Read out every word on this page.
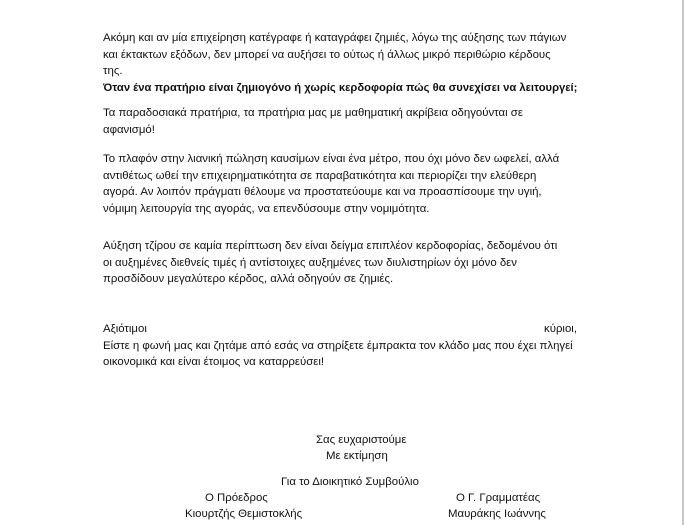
Ακόμη και αν μία επιχείρηση κατέγραφε ή καταγράφει ζημιές, λόγω της αύξησης των πάγιων
και έκτακτων εξόδων, δεν μπορεί να αυξήσει το ούτως ή άλλως μικρό περιθώριο κέρδους
της.
Όταν ένα πρατήριο είναι ζημιογόνο ή χωρίς κερδοφορία πώς θα συνεχίσει να λειτουργεί;
Τα παραδοσιακά πρατήρια, τα πρατήρια μας με μαθηματική ακρίβεια οδηγούνται σε
αφανισμό!
Το πλαφόν στην λιανική πώληση καυσίμων είναι ένα μέτρο, που όχι μόνο δεν ωφελεί, αλλά
αντιθέτως ωθεί την επιχειρηματικότητα σε παραβατικότητα και περιορίζει την ελεύθερη
αγορά. Αν λοιπόν πράγματι θέλουμε να προστατεύουμε και να προασπίσουμε την υγιή,
νόμιμη λειτουργία της αγοράς, να επενδύσουμε στην νομιμότητα.
Αύξηση τζίρου σε καμία περίπτωση δεν είναι δείγμα επιπλέον κερδοφορίας, δεδομένου ότι
οι αυξημένες διεθνείς τιμές ή αντίστοιχες αυξημένες των διυλιστηρίων όχι μόνο δεν
προσδίδουν μεγαλύτερο κέρδος, αλλά οδηγούν σε ζημιές.
Αξιότιμοι	κύριοι,
Είστε η φωνή μας και ζητάμε από εσάς να στηρίξετε έμπρακτα τον κλάδο μας που έχει πληγεί
οικονομικά και είναι έτοιμος να καταρρεύσει!
Σας ευχαριστούμε
Με εκτίμηση
Για το Διοικητικό Συμβούλιο
Ο Πρόεδρος	Ο Γ. Γραμματέας
Κιουρτζής Θεμιστοκλής	Μαυράκης Ιωάννης
